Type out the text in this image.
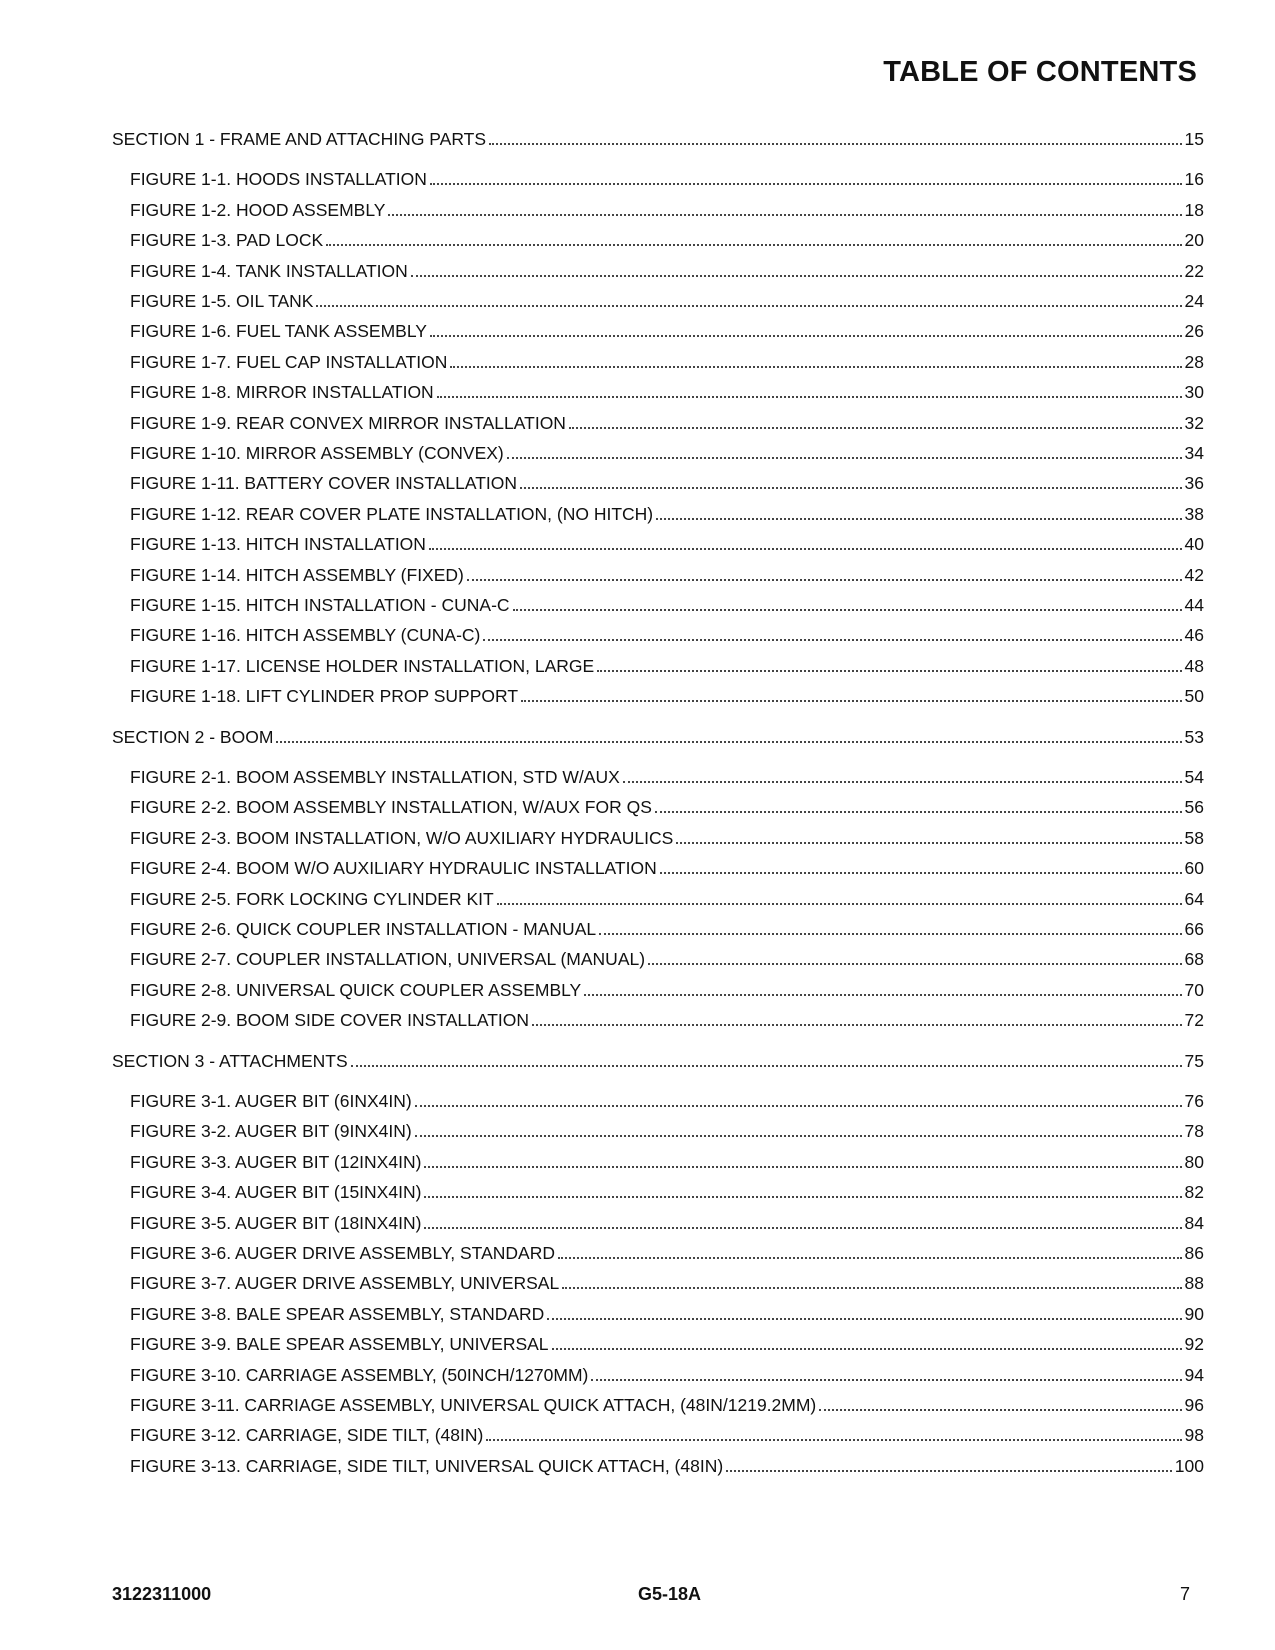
TABLE OF CONTENTS
SECTION 1 - FRAME AND ATTACHING PARTS	15
FIGURE 1-1. HOODS INSTALLATION	16
FIGURE 1-2. HOOD ASSEMBLY	18
FIGURE 1-3. PAD LOCK	20
FIGURE 1-4. TANK INSTALLATION	22
FIGURE 1-5. OIL TANK	24
FIGURE 1-6. FUEL TANK ASSEMBLY	26
FIGURE 1-7. FUEL CAP INSTALLATION	28
FIGURE 1-8. MIRROR INSTALLATION	30
FIGURE 1-9. REAR CONVEX MIRROR INSTALLATION	32
FIGURE 1-10. MIRROR ASSEMBLY (CONVEX)	34
FIGURE 1-11. BATTERY COVER INSTALLATION	36
FIGURE 1-12. REAR COVER PLATE INSTALLATION, (NO HITCH)	38
FIGURE 1-13. HITCH INSTALLATION	40
FIGURE 1-14. HITCH ASSEMBLY (FIXED)	42
FIGURE 1-15. HITCH INSTALLATION - CUNA-C	44
FIGURE 1-16. HITCH ASSEMBLY (CUNA-C)	46
FIGURE 1-17. LICENSE HOLDER INSTALLATION, LARGE	48
FIGURE 1-18. LIFT CYLINDER PROP SUPPORT	50
SECTION 2 - BOOM	53
FIGURE 2-1. BOOM ASSEMBLY INSTALLATION, STD W/AUX	54
FIGURE 2-2. BOOM ASSEMBLY INSTALLATION, W/AUX FOR QS	56
FIGURE 2-3. BOOM INSTALLATION, W/O AUXILIARY HYDRAULICS	58
FIGURE 2-4. BOOM W/O AUXILIARY HYDRAULIC INSTALLATION	60
FIGURE 2-5. FORK LOCKING CYLINDER KIT	64
FIGURE 2-6. QUICK COUPLER INSTALLATION - MANUAL	66
FIGURE 2-7. COUPLER INSTALLATION, UNIVERSAL (MANUAL)	68
FIGURE 2-8. UNIVERSAL QUICK COUPLER ASSEMBLY	70
FIGURE 2-9. BOOM SIDE COVER INSTALLATION	72
SECTION 3 - ATTACHMENTS	75
FIGURE 3-1. AUGER BIT (6INX4IN)	76
FIGURE 3-2. AUGER BIT (9INX4IN)	78
FIGURE 3-3. AUGER BIT (12INX4IN)	80
FIGURE 3-4. AUGER BIT (15INX4IN)	82
FIGURE 3-5. AUGER BIT (18INX4IN)	84
FIGURE 3-6. AUGER DRIVE ASSEMBLY, STANDARD	86
FIGURE 3-7. AUGER DRIVE ASSEMBLY, UNIVERSAL	88
FIGURE 3-8. BALE SPEAR ASSEMBLY, STANDARD	90
FIGURE 3-9. BALE SPEAR ASSEMBLY, UNIVERSAL	92
FIGURE 3-10. CARRIAGE ASSEMBLY, (50INCH/1270MM)	94
FIGURE 3-11. CARRIAGE ASSEMBLY, UNIVERSAL QUICK ATTACH, (48IN/1219.2MM)	96
FIGURE 3-12. CARRIAGE, SIDE TILT, (48IN)	98
FIGURE 3-13. CARRIAGE, SIDE TILT, UNIVERSAL QUICK ATTACH, (48IN)	100
3122311000	G5-18A	7
